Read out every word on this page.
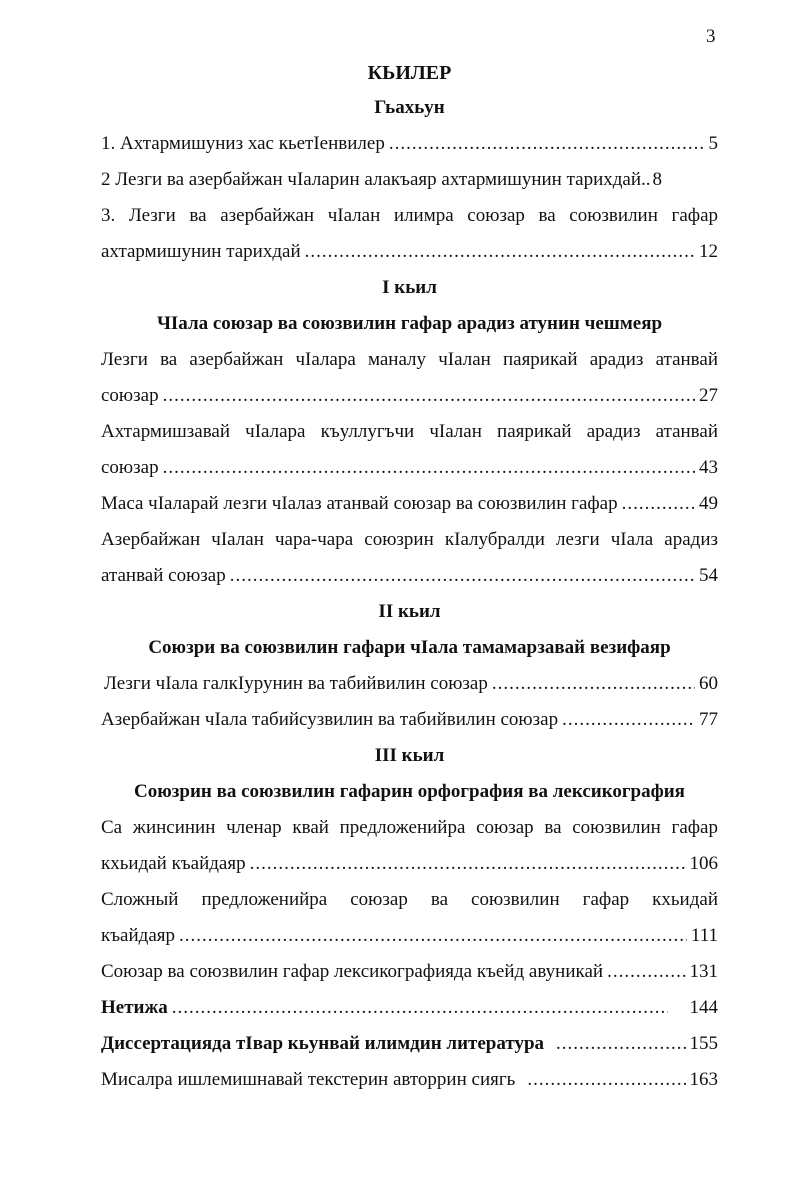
3
КЬИЛЕР
Гьахьун
1. Ахтармишуниз хас кьетIенвилер .....	5
2 Лезги ва азербайжан чIаларин алакъаяр ахтармишунин тарихдай.. 8
3. Лезги ва азербайжан чIалан илимра союзар ва союзвилин гафар
ахтармишунин тарихдай .....	12
I кьил
ЧIала союзар ва союзвилин гафар арадиз атунин чешмеяр
Лезги ва азербайжан чIалара маналу чIалан паярикай арадиз атанвай
союзар .....	27
Ахтармишзавай чIалара къуллугъчи чIалан паярикай арадиз атанвай
союзар .....	43
Маса чIаларай лезги чIалаз атанвай союзар ва союзвилин гафар .....	49
Азербайжан чIалан чара-чара союзрин кIалубралди лезги чIала арадиз
атанвай союзар .....	54
II кьил
Союзри ва союзвилин гафари чIала тамамарзавай везифаяр
Лезги чIала галкIурунин ва табийвилин союзар .....	60
Азербайжан чIала табийсузвилин ва табийвилин союзар .....	77
III кьил
Союзрин ва союзвилин гафарин орфография ва лексикография
Са жинсинин членар квай предложенийра союзар ва союзвилин гафар
кхьидай къайдаяр .....	106
Сложный предложенийра союзар ва союзвилин гафар кхьидай
къайдаяр .....	111
Союзар ва союзвилин гафар лексикографияда къейд авуникай .....	131
Нетижа .....	144
Диссертацияда тIвар кьунвай илимдин литература .....	155
Мисалра ишлемишнавай текстерин авторрин сиягь .....	163
